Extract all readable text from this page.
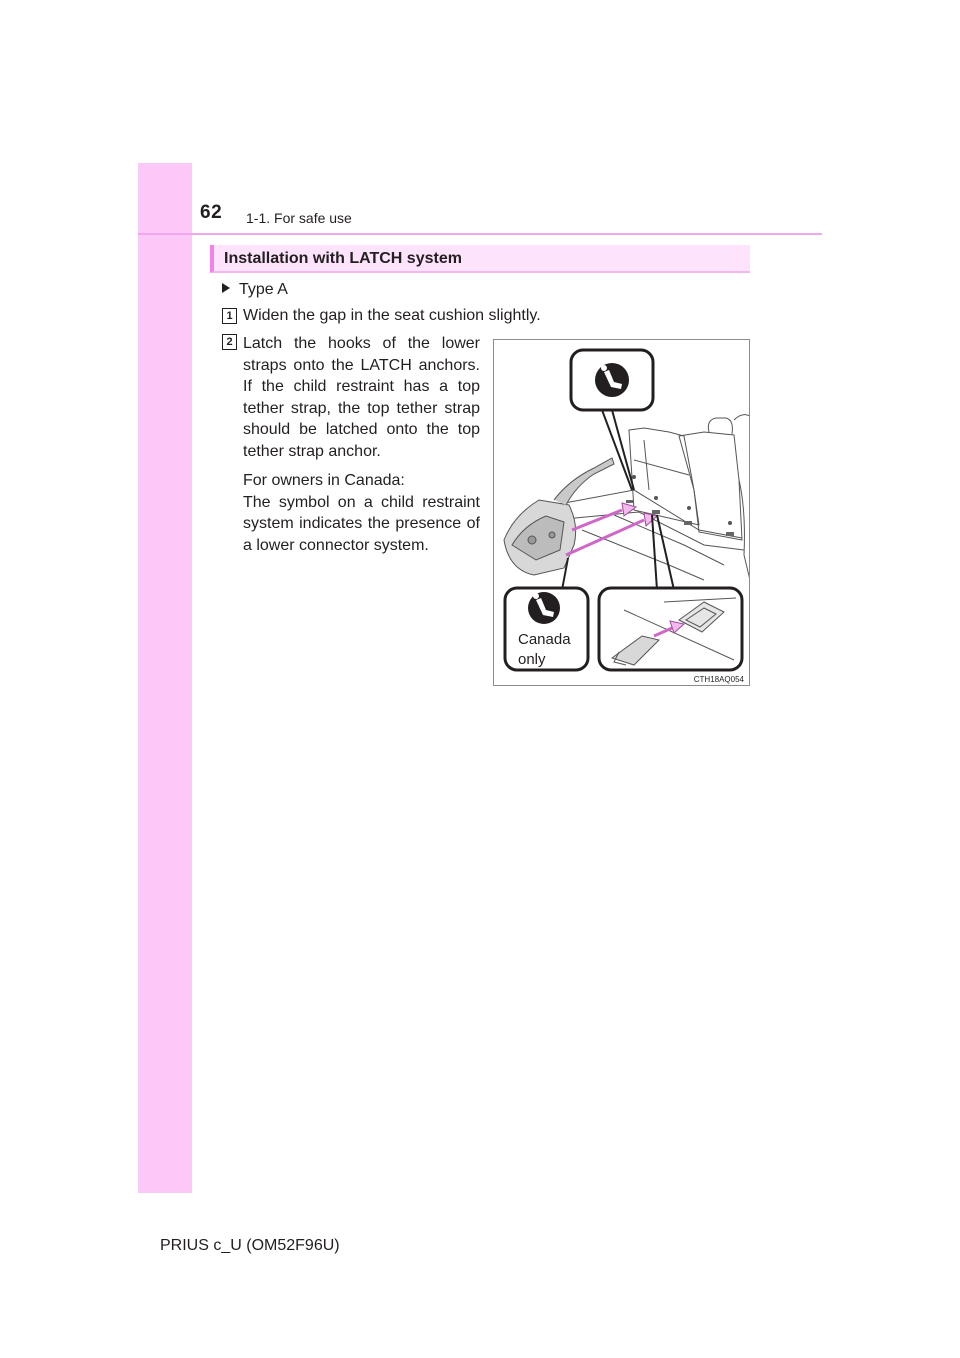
62 1-1. For safe use
Installation with LATCH system
Type A
1 Widen the gap in the seat cushion slightly.
2 Latch the hooks of the lower straps onto the LATCH anchors. If the child restraint has a top tether strap, the top tether strap should be latched onto the top tether strap anchor.

For owners in Canada:

The symbol on a child restraint system indicates the presence of a lower connector system.

Canada
only
CTH18AQ054
PRIUS c_U (OM52F96U)
